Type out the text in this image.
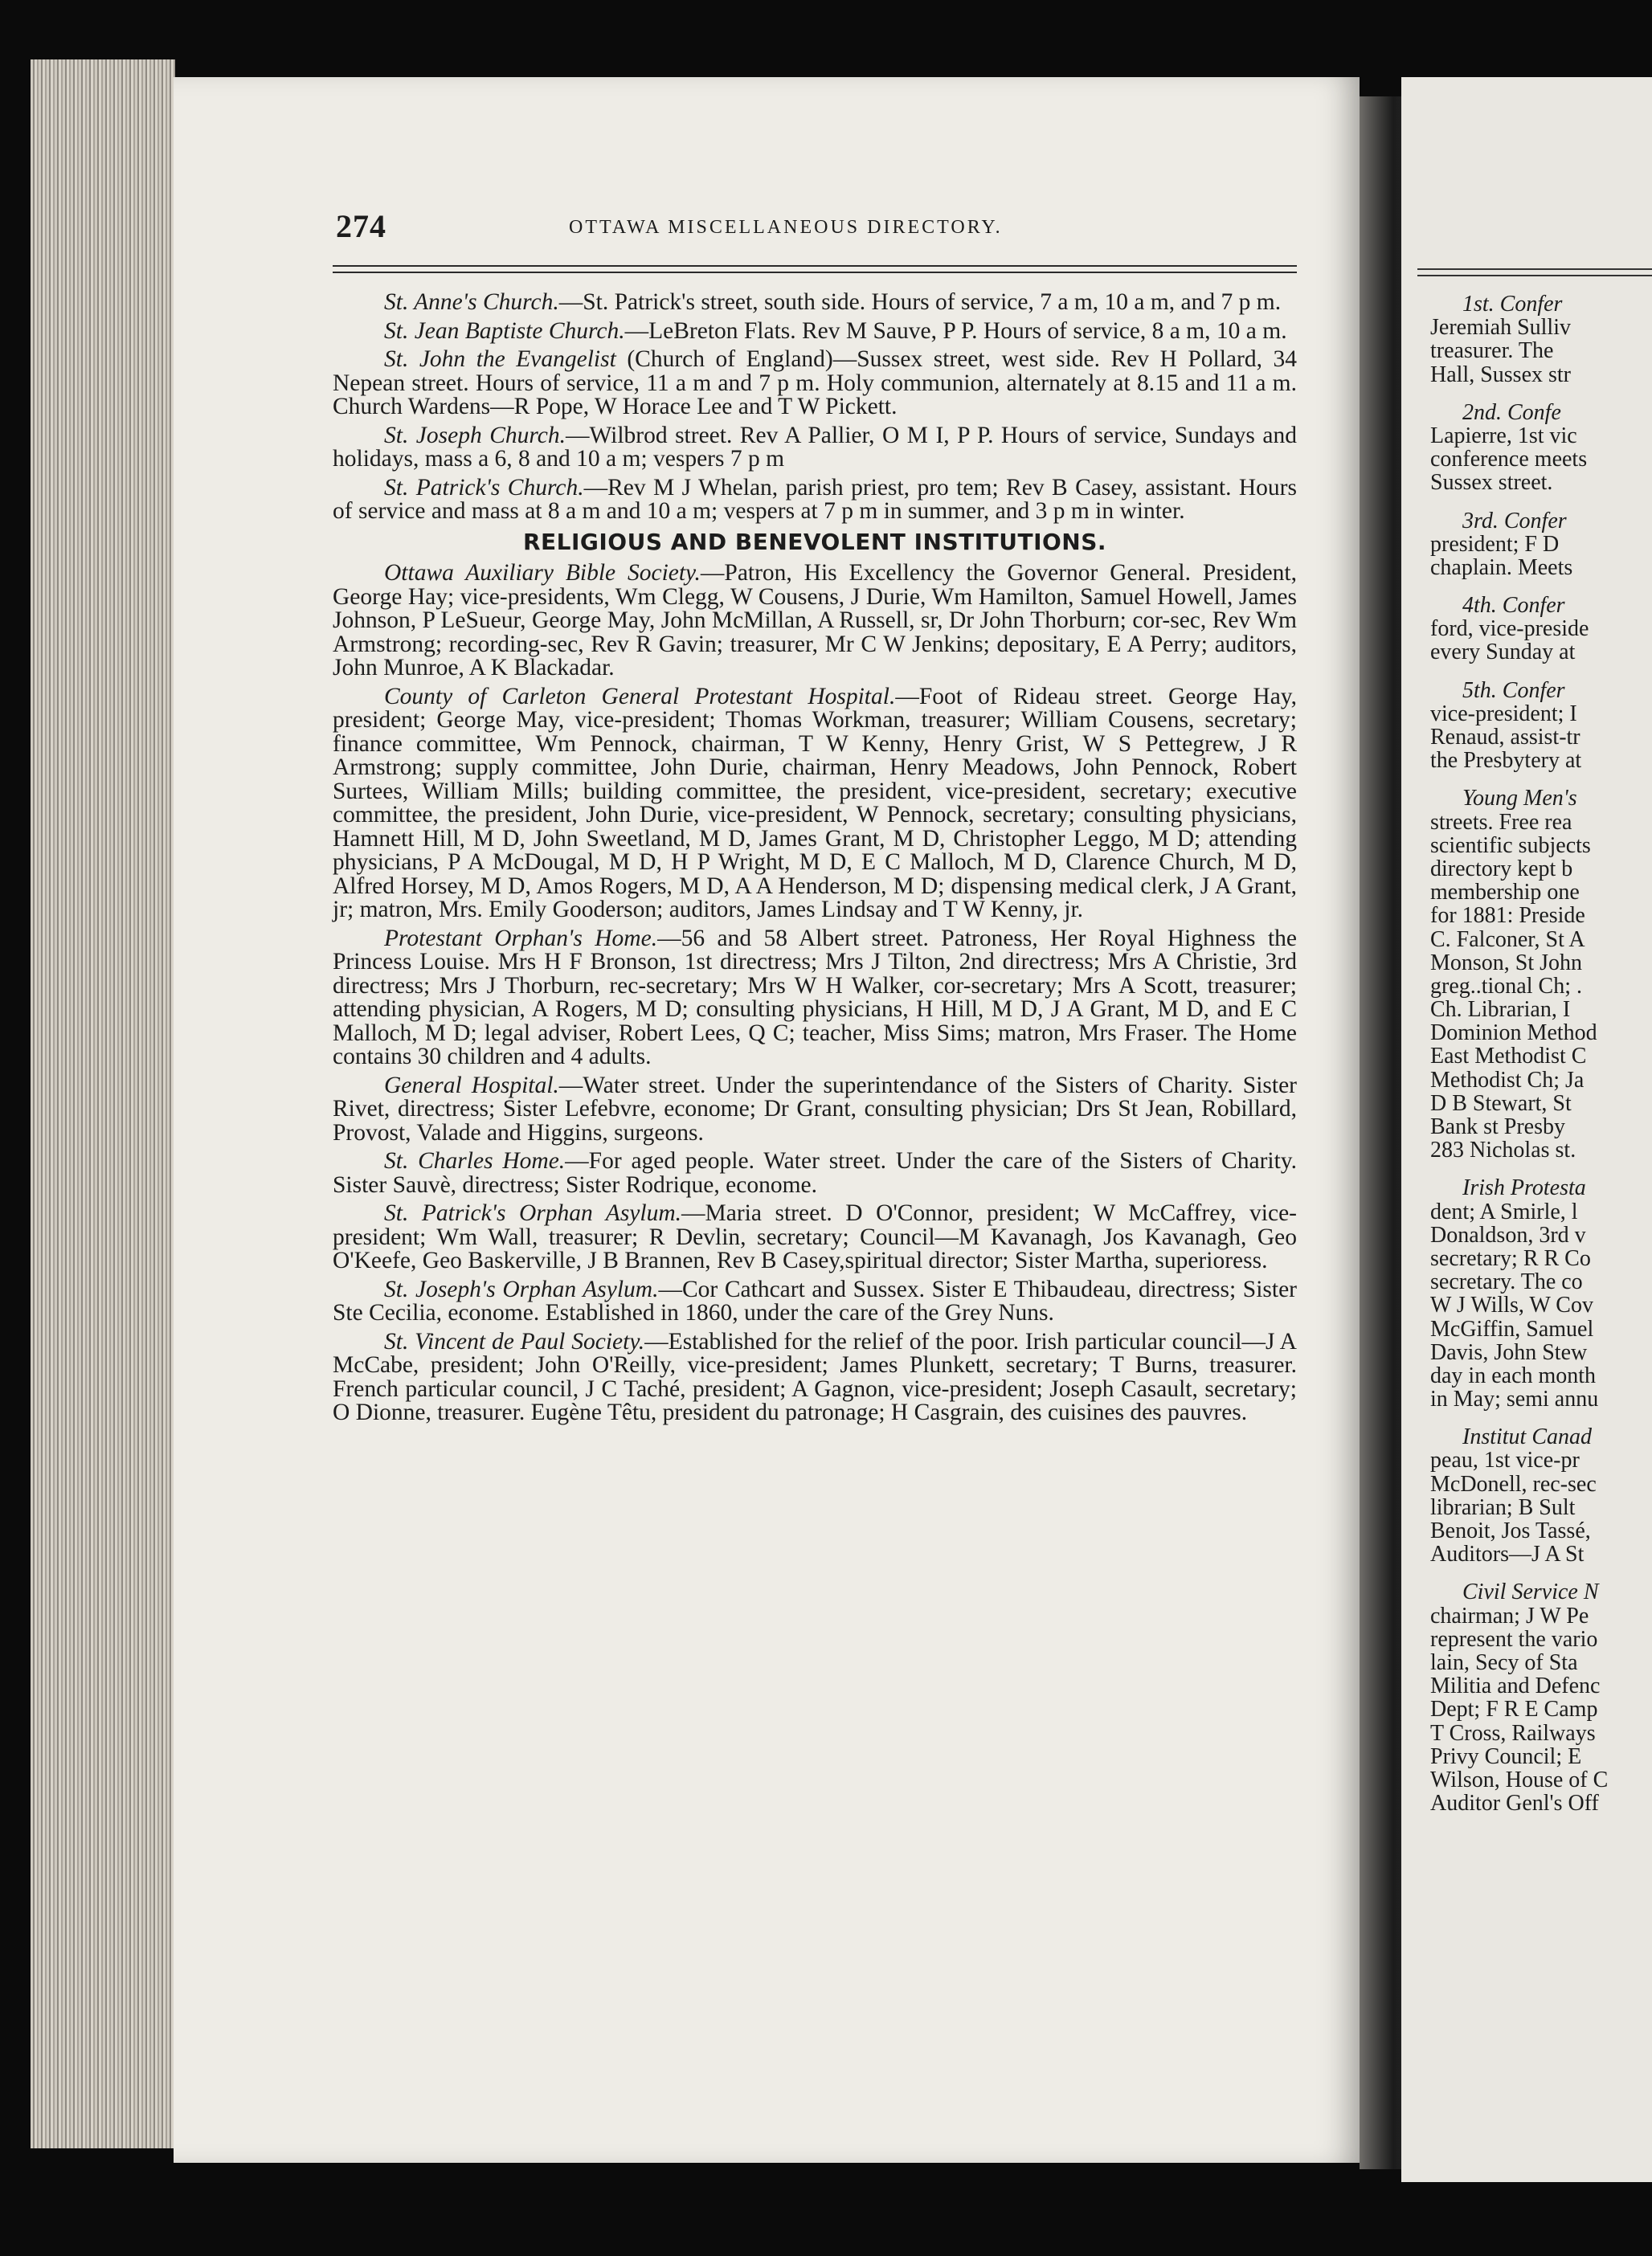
274	OTTAWA MISCELLANEOUS DIRECTORY.

St. Anne's Church.—St. Patrick's street, south side. Hours of service, 7 a m, 10 a m, and 7 p m.

St. Jean Baptiste Church.—LeBreton Flats. Rev M Sauve, P P. Hours of service, 8 a m, 10 a m.

St. John the Evangelist (Church of England)—Sussex street, west side. Rev H Pollard, 34 Nepean street. Hours of service, 11 a m and 7 p m. Holy communion, alternately at 8.15 and 11 a m. Church Wardens—R Pope, W Horace Lee and T W Pickett.

St. Joseph Church.—Wilbrod street. Rev A Pallier, O M I, P P. Hours of service, Sundays and holidays, mass a 6, 8 and 10 a m; vespers 7 p m

St. Patrick's Church.—Rev M J Whelan, parish priest, pro tem; Rev B Casey, assistant. Hours of service and mass at 8 a m and 10 a m; vespers at 7 p m in summer, and 3 p m in winter.

RELIGIOUS AND BENEVOLENT INSTITUTIONS.

Ottawa Auxiliary Bible Society.—Patron, His Excellency the Governor General. President, George Hay; vice-presidents, Wm Clegg, W Cousens, J Durie, Wm Hamilton, Samuel Howell, James Johnson, P LeSueur, George May, John McMillan, A Russell, sr, Dr John Thorburn; cor-sec, Rev Wm Armstrong; recording-sec, Rev R Gavin; treasurer, Mr C W Jenkins; depositary, E A Perry; auditors, John Munroe, A K Blackadar.

County of Carleton General Protestant Hospital.—Foot of Rideau street. George Hay, president; George May, vice-president; Thomas Workman, treasurer; William Cousens, secretary; finance committee, Wm Pennock, chairman, T W Kenny, Henry Grist, W S Pettegrew, J R Armstrong; supply committee, John Durie, chairman, Henry Meadows, John Pennock, Robert Surtees, William Mills; building committee, the president, vice-president, secretary; executive committee, the president, John Durie, vice-president, W Pennock, secretary; consulting physicians, Hamnett Hill, M D, John Sweetland, M D, James Grant, M D, Christopher Leggo, M D; attending physicians, P A McDougal, M D, H P Wright, M D, E C Malloch, M D, Clarence Church, M D, Alfred Horsey, M D, Amos Rogers, M D, A A Henderson, M D; dispensing medical clerk, J A Grant, jr; matron, Mrs. Emily Gooderson; auditors, James Lindsay and T W Kenny, jr.

Protestant Orphan's Home.—56 and 58 Albert street. Patroness, Her Royal Highness the Princess Louise. Mrs H F Bronson, 1st directress; Mrs J Tilton, 2nd directress; Mrs A Christie, 3rd directress; Mrs J Thorburn, rec-secretary; Mrs W H Walker, cor-secretary; Mrs A Scott, treasurer; attending physician, A Rogers, M D; consulting physicians, H Hill, M D, J A Grant, M D, and E C Malloch, M D; legal adviser, Robert Lees, Q C; teacher, Miss Sims; matron, Mrs Fraser. The Home contains 30 children and 4 adults.

General Hospital.—Water street. Under the superintendance of the Sisters of Charity. Sister Rivet, directress; Sister Lefebvre, econome; Dr Grant, consulting physician; Drs St Jean, Robillard, Provost, Valade and Higgins, surgeons.

St. Charles Home.—For aged people. Water street. Under the care of the Sisters of Charity. Sister Sauvè, directress; Sister Rodrique, econome.

St. Patrick's Orphan Asylum.—Maria street. D O'Connor, president; W McCaffrey, vice-president; Wm Wall, treasurer; R Devlin, secretary; Council—M Kavanagh, Jos Kavanagh, Geo O'Keefe, Geo Baskerville, J B Brannen, Rev B Casey,spiritual director; Sister Martha, superioress.

St. Joseph's Orphan Asylum.—Cor Cathcart and Sussex. Sister E Thibaudeau, directress; Sister Ste Cecilia, econome. Established in 1860, under the care of the Grey Nuns.

St. Vincent de Paul Society.—Established for the relief of the poor. Irish particular council—J A McCabe, president; John O'Reilly, vice-president; James Plunkett, secretary; T Burns, treasurer. French particular council, J C Taché, president; A Gagnon, vice-president; Joseph Casault, secretary; O Dionne, treasurer. Eugène Têtu, president du patronage; H Casgrain, des cuisines des pauvres.

1st. Confer
Jeremiah Sulliv
treasurer. The
Hall, Sussex str
2nd. Confe
Lapierre, 1st vic
conference meets
Sussex street.
3rd. Confer
president; F D
chaplain. Meets
4th. Confer
ford, vice-preside
every Sunday at
5th. Confer
vice-president; I
Renaud, assist-tr
the Presbytery at
Young Men's
streets. Free rea
scientific subjects
directory kept b
membership one
for 1881: Preside
C. Falconer, St A
Monson, St John
greg..tional Ch; .
Ch. Librarian, I
Dominion Method
East Methodist C
Methodist Ch; Ja
D B Stewart, St
Bank st Presby
283 Nicholas st.
Irish Protesta
dent; A Smirle, l
Donaldson, 3rd v
secretary; R R Co
secretary. The co
W J Wills, W Cov
McGiffin, Samuel
Davis, John Stew
day in each month
in May; semi annu
Institut Canad
peau, 1st vice-pr
McDonell, rec-sec
librarian; B Sult
Benoit, Jos Tassé,
Auditors—J A St
Civil Service N
chairman; J W Pe
represent the vario
lain, Secy of Sta
Militia and Defenc
Dept; F R E Camp
T Cross, Railways
Privy Council; E
Wilson, House of C
Auditor Genl's Off
